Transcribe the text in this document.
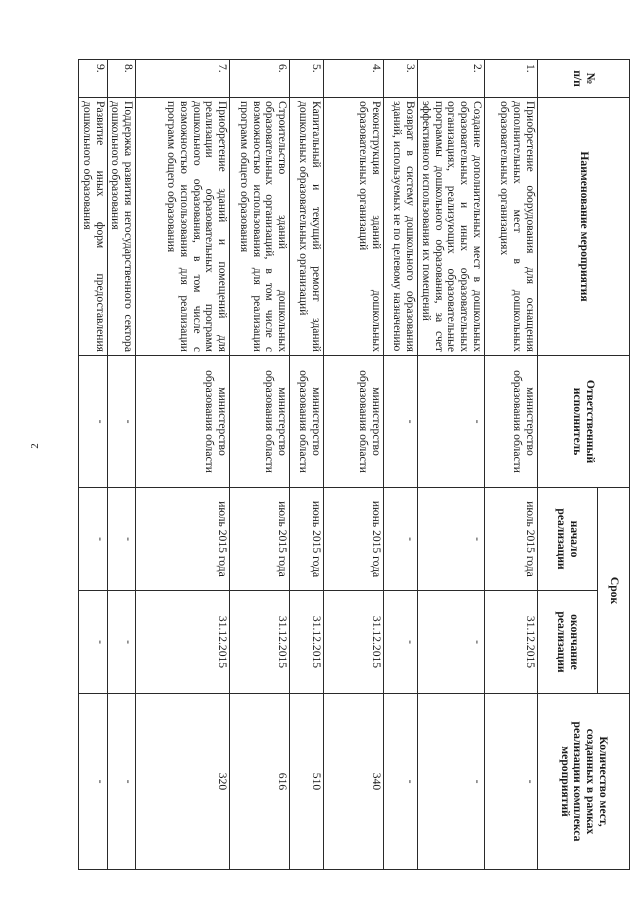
2
№
п/п	Наименование мероприятия	Ответственный
исполнитель	Срок		Количество мест,
созданных в рамках
реализации комплекса
мероприятий
			начало
реализации	окончание
реализации	
1.	Приобретение оборудования для оснащения дополнительных мест в дошкольных образовательных организациях	министерство образования области	июль 2015 года	31.12.2015	-
2.	Создание дополнительных мест в дошкольных образовательных и иных образовательных организациях, реализующих образовательные программы дошкольного образования, за счет эффективного использования их помещений	-	-	-	-
3.	Возврат в систему дошкольного образования зданий, используемых не по целевому назначению	-	-	-	-
4.	Реконструкция зданий дошкольных образовательных организаций	министерство образования области	июнь 2015 года	31.12.2015	340
5.	Капитальный и текущий ремонт зданий дошкольных образовательных организаций	министерство образования области	июнь 2015 года	31.12.2015	510
6.	Строительство зданий дошкольных образовательных организаций, в том числе с возможностью использования для реализации программ общего образования	министерство образования области	июль 2015 года	31.12.2015	616
7.	Приобретение зданий и помещений для реализации образовательных программ дошкольного образования, в том числе с возможностью использования для реализации программ общего образования	министерство образования области	июль 2015 года	31.12.2015	320
8.	Поддержка развития негосударственного сектора дошкольного образования	-	-	-	-
9.	Развитие иных форм предоставления дошкольного образования	-	-	-	-
